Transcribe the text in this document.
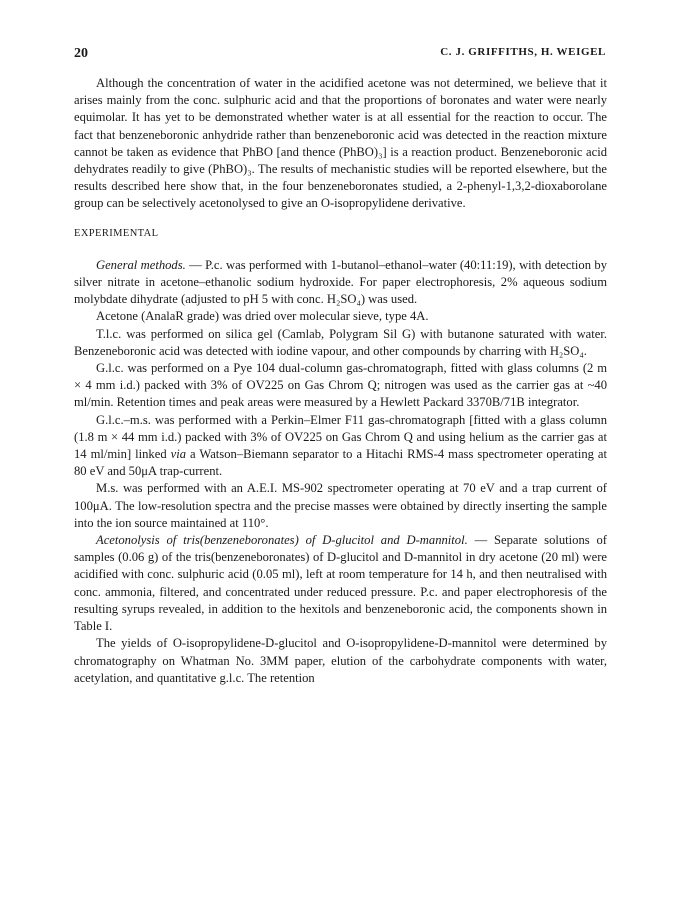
20	C. J. GRIFFITHS, H. WEIGEL

Although the concentration of water in the acidified acetone was not determined, we believe that it arises mainly from the conc. sulphuric acid and that the proportions of boronates and water were nearly equimolar. It has yet to be demonstrated whether water is at all essential for the reaction to occur. The fact that benzeneboronic anhydride rather than benzeneboronic acid was detected in the reaction mixture cannot be taken as evidence that PhBO [and thence (PhBO)₃] is a reaction product. Benzeneboronic acid dehydrates readily to give (PhBO)₃. The results of mechanistic studies will be reported elsewhere, but the results described here show that, in the four benzeneboronates studied, a 2-phenyl-1,3,2-dioxaborolane group can be selectively acetonolysed to give an O-isopropylidene derivative.

EXPERIMENTAL

General methods. — P.c. was performed with 1-butanol–ethanol–water (40:11:19), with detection by silver nitrate in acetone–ethanolic sodium hydroxide. For paper electrophoresis, 2% aqueous sodium molybdate dihydrate (adjusted to pH 5 with conc. H₂SO₄) was used.

Acetone (AnalaR grade) was dried over molecular sieve, type 4A.

T.l.c. was performed on silica gel (Camlab, Polygram Sil G) with butanone saturated with water. Benzeneboronic acid was detected with iodine vapour, and other compounds by charring with H₂SO₄.

G.l.c. was performed on a Pye 104 dual-column gas-chromatograph, fitted with glass columns (2 m × 4 mm i.d.) packed with 3% of OV225 on Gas Chrom Q; nitrogen was used as the carrier gas at ~40 ml/min. Retention times and peak areas were measured by a Hewlett Packard 3370B/71B integrator.

G.l.c.–m.s. was performed with a Perkin–Elmer F11 gas-chromatograph [fitted with a glass column (1.8 m × 44 mm i.d.) packed with 3% of OV225 on Gas Chrom Q and using helium as the carrier gas at 14 ml/min] linked via a Watson–Biemann separator to a Hitachi RMS-4 mass spectrometer operating at 80 eV and 50μA trap-current.

M.s. was performed with an A.E.I. MS-902 spectrometer operating at 70 eV and a trap current of 100μA. The low-resolution spectra and the precise masses were obtained by directly inserting the sample into the ion source maintained at 110°.

Acetonolysis of tris(benzeneboronates) of D-glucitol and D-mannitol. — Separate solutions of samples (0.06 g) of the tris(benzeneboronates) of D-glucitol and D-mannitol in dry acetone (20 ml) were acidified with conc. sulphuric acid (0.05 ml), left at room temperature for 14 h, and then neutralised with conc. ammonia, filtered, and concentrated under reduced pressure. P.c. and paper electrophoresis of the resulting syrups revealed, in addition to the hexitols and benzeneboronic acid, the components shown in Table I.

The yields of O-isopropylidene-D-glucitol and O-isopropylidene-D-mannitol were determined by chromatography on Whatman No. 3MM paper, elution of the carbohydrate components with water, acetylation, and quantitative g.l.c. The retention
